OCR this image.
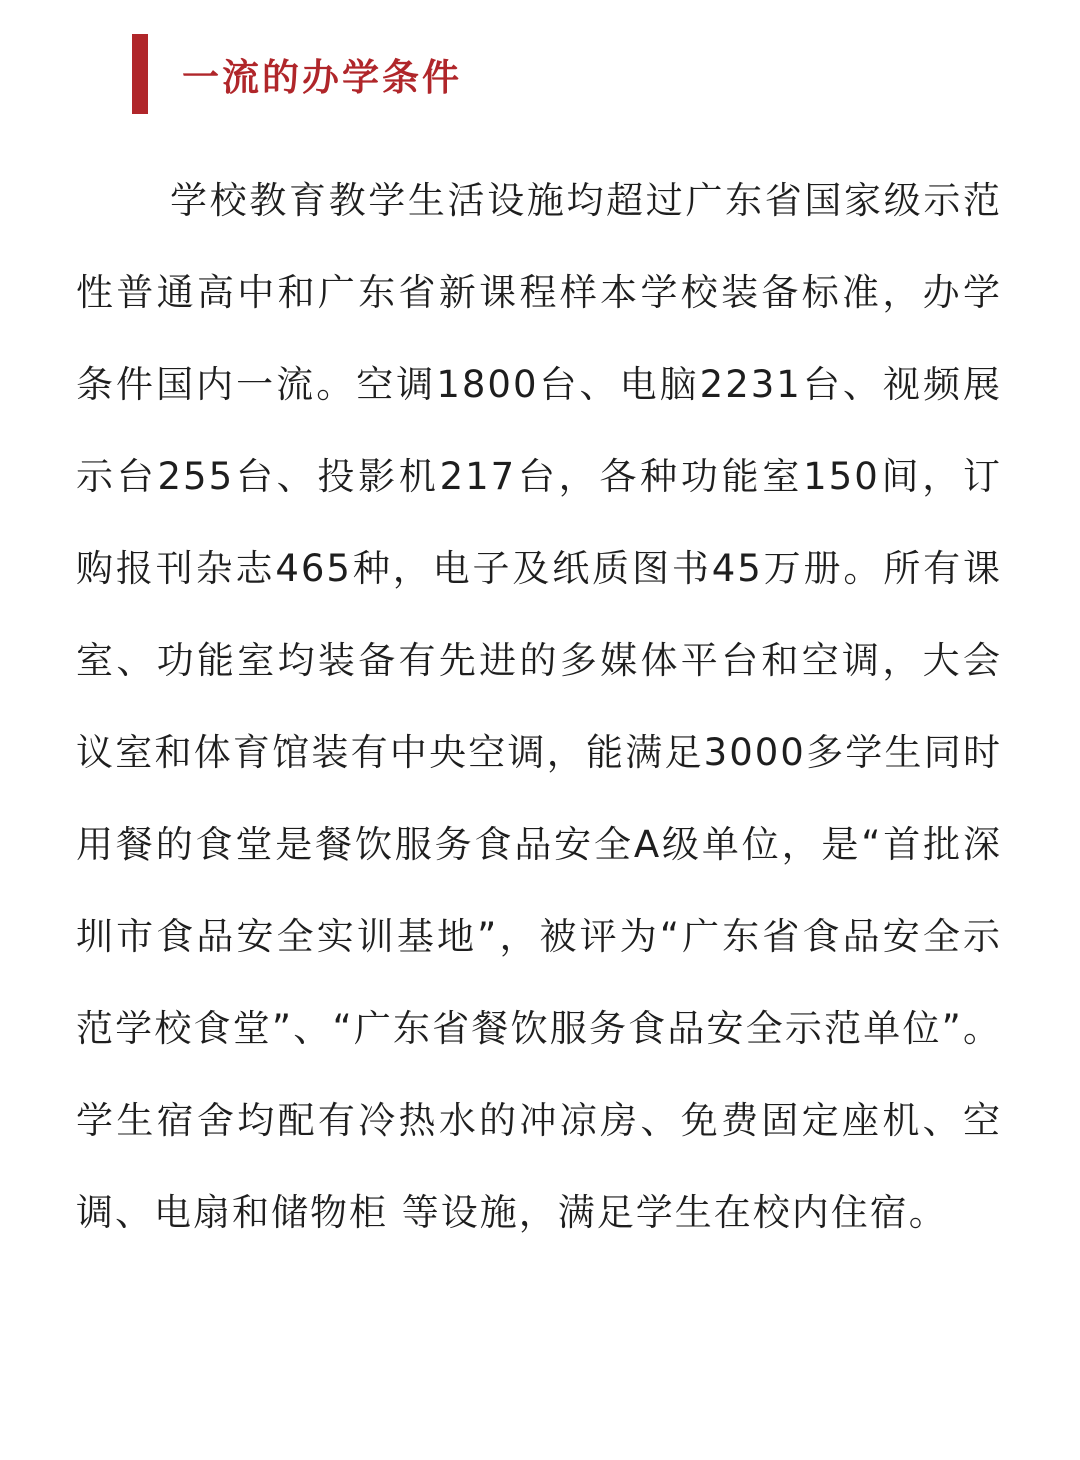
一流的办学条件

学校教育教学生活设施均超过广东省国家级示范性普通高中和广东省新课程样本学校装备标准，办学条件国内一流。空调1800台、电脑2231台、视频展示台255台、投影机217台，各种功能室150间，订购报刊杂志465种，电子及纸质图书45万册。所有课室、功能室均装备有先进的多媒体平台和空调，大会议室和体育馆装有中央空调，能满足3000多学生同时用餐的食堂是餐饮服务食品安全A级单位，是“首批深圳市食品安全实训基地”，被评为“广东省食品安全示范学校食堂”、“广东省餐饮服务食品安全示范单位”。学生宿舍均配有冷热水的冲凉房、免费固定座机、空调、电扇和储物柜 等设施，满足学生在校内住宿。
